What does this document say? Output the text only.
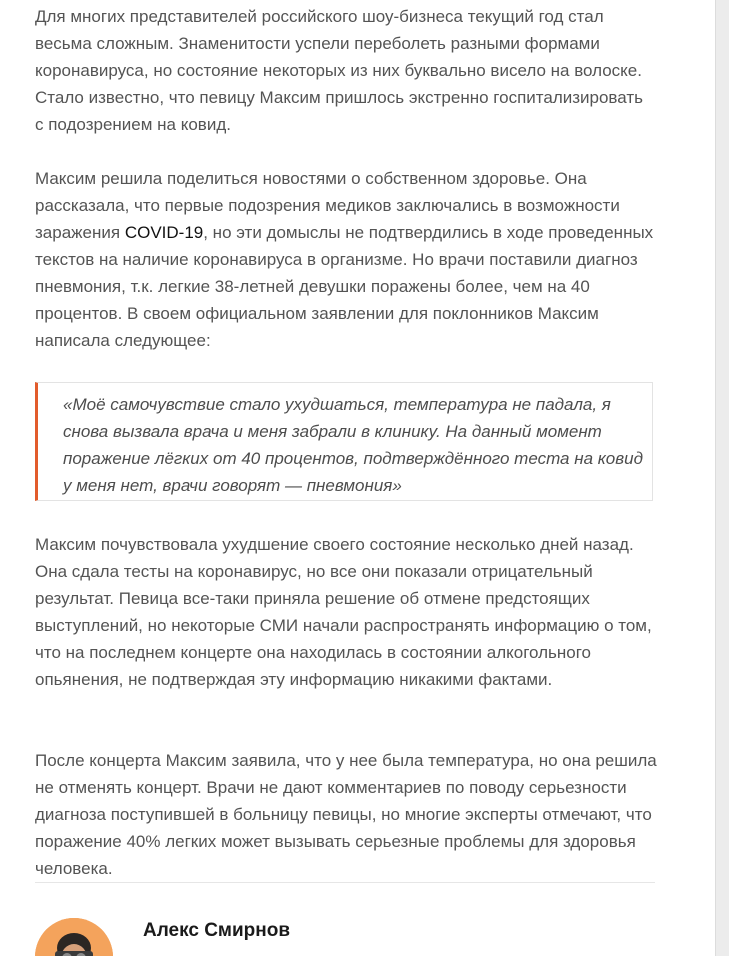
Для многих представителей российского шоу-бизнеса текущий год стал весьма сложным. Знаменитости успели переболеть разными формами коронавируса, но состояние некоторых из них буквально висело на волоске. Стало известно, что певицу Максим пришлось экстренно госпитализировать с подозрением на ковид.

Максим решила поделиться новостями о собственном здоровье. Она рассказала, что первые подозрения медиков заключались в возможности заражения COVID-19, но эти домыслы не подтвердились в ходе проведенных текстов на наличие коронавируса в организме. Но врачи поставили диагноз пневмония, т.к. легкие 38-летней девушки поражены более, чем на 40 процентов. В своем официальном заявлении для поклонников Максим написала следующее:

«Моё самочувствие стало ухудшаться, температура не падала, я снова вызвала врача и меня забрали в клинику. На данный момент поражение лёгких от 40 процентов, подтверждённого теста на ковид у меня нет, врачи говорят — пневмония»

Максим почувствовала ухудшение своего состояние несколько дней назад. Она сдала тесты на коронавирус, но все они показали отрицательный результат. Певица все-таки приняла решение об отмене предстоящих выступлений, но некоторые СМИ начали распространять информацию о том, что на последнем концерте она находилась в состоянии алкогольного опьянения, не подтверждая эту информацию никакими фактами.

После концерта Максим заявила, что у нее была температура, но она решила не отменять концерт. Врачи не дают комментариев по поводу серьезности диагноза поступившей в больницу певицы, но многие эксперты отмечают, что поражение 40% легких может вызывать серьезные проблемы для здоровья человека.

Алекс Смирнов
